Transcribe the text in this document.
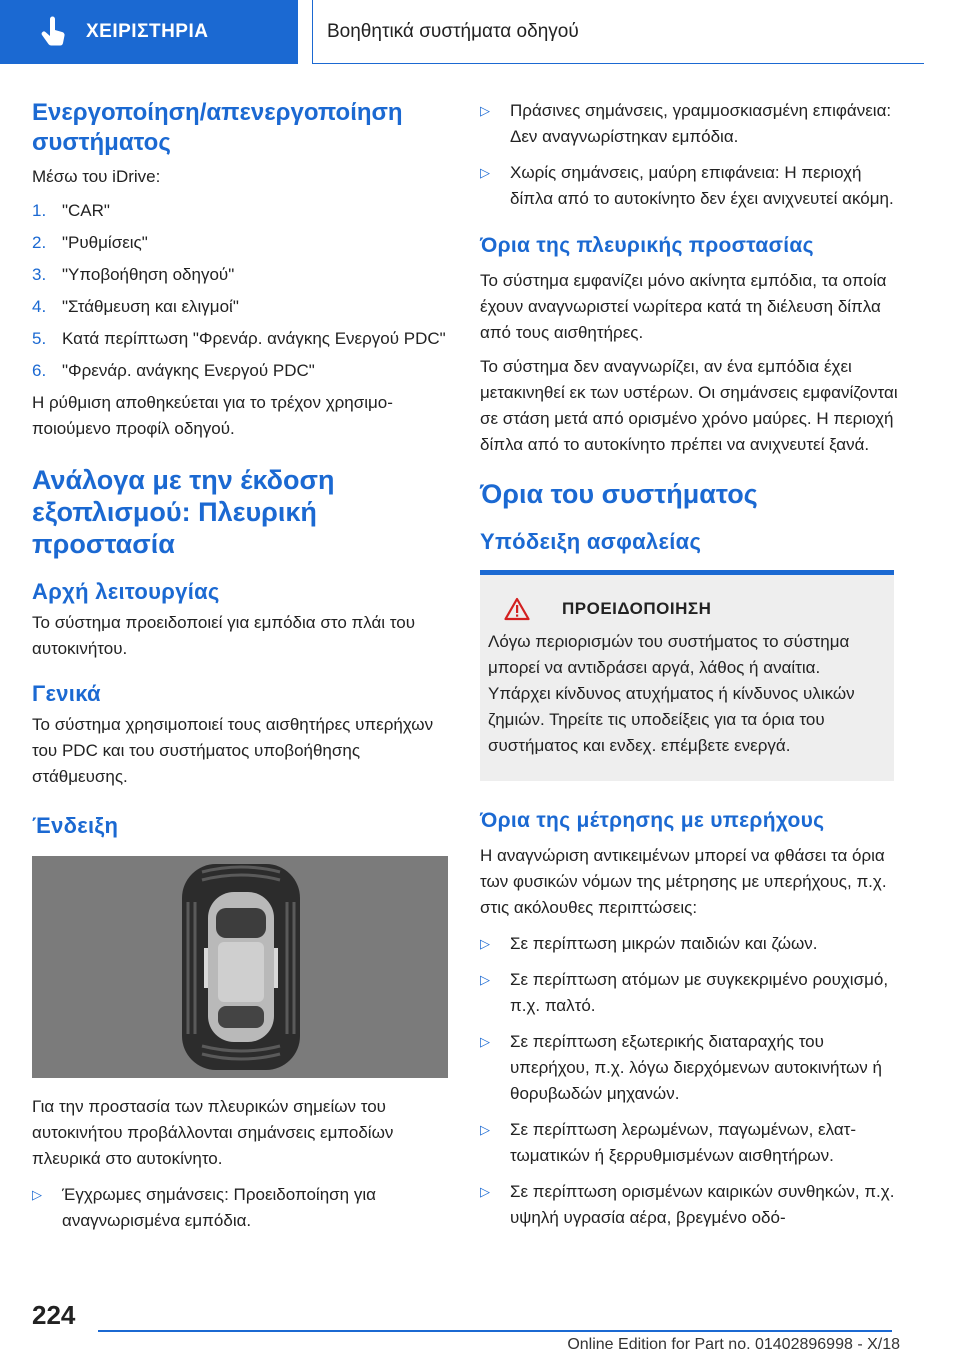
ΧΕΙΡΙΣΤΗΡΙΑ	Βοηθητικά συστήματα οδηγού
Ενεργοποίηση/απενεργοποίηση συστήματος

Μέσω του iDrive:

1. "CAR"
2. "Ρυθμίσεις"
3. "Υποβοήθηση οδηγού"
4. "Στάθμευση και ελιγμοί"
5. Κατά περίπτωση "Φρενάρ. ανάγκης Ενεργού PDC"
6. "Φρενάρ. ανάγκης Ενεργού PDC"

Η ρύθμιση αποθηκεύεται για το τρέχον χρησιμοποιούμενο προφίλ οδηγού.

Ανάλογα με την έκδοση εξοπλισμού: Πλευρική προστασία
Αρχή λειτουργίας

Το σύστημα προειδοποιεί για εμπόδια στο πλάι του αυτοκινήτου.

Γενικά

Το σύστημα χρησιμοποιεί τους αισθητήρες υπερήχων του PDC και του συστήματος υποβοήθησης στάθμευσης.

Ένδειξη

Για την προστασία των πλευρικών σημείων του αυτοκινήτου προβάλλονται σημάνσεις εμποδίων πλευρικά στο αυτοκίνητο.

▷	Έγχρωμες σημάνσεις: Προειδοποίηση για αναγνωρισμένα εμπόδια.
▷	Πράσινες σημάνσεις, γραμμοσκιασμένη επιφάνεια: Δεν αναγνωρίστηκαν εμπόδια.
▷	Χωρίς σημάνσεις, μαύρη επιφάνεια: Η περιοχή δίπλα από το αυτοκίνητο δεν έχει ανιχνευτεί ακόμη.
Όρια της πλευρικής προστασίας

Το σύστημα εμφανίζει μόνο ακίνητα εμπόδια, τα οποία έχουν αναγνωριστεί νωρίτερα κατά τη διέλευση δίπλα από τους αισθητήρες.

Το σύστημα δεν αναγνωρίζει, αν ένα εμπόδια έχει μετακινηθεί εκ των υστέρων. Οι σημάνσεις εμφανίζονται σε στάση μετά από ορισμένο χρόνο μαύρες. Η περιοχή δίπλα από το αυτοκίνητο πρέπει να ανιχνευτεί ξανά.

Όρια του συστήματος
Υπόδειξη ασφαλείας
ΠΡΟΕΙΔΟΠΟΙΗΣΗ

Λόγω περιορισμών του συστήματος το σύστημα μπορεί να αντιδράσει αργά, λάθος ή αναίτια. Υπάρχει κίνδυνος ατυχήματος ή κίνδυνος υλικών ζημιών. Τηρείτε τις υποδείξεις για τα όρια του συστήματος και ενδεχ. επέμβετε ενεργά.

Όρια της μέτρησης με υπερήχους

Η αναγνώριση αντικειμένων μπορεί να φθάσει τα όρια των φυσικών νόμων της μέτρησης με υπερήχους, π.χ. στις ακόλουθες περιπτώσεις:

▷	Σε περίπτωση μικρών παιδιών και ζώων.
▷	Σε περίπτωση ατόμων με συγκεκριμένο ρουχισμό, π.χ. παλτό.
▷	Σε περίπτωση εξωτερικής διαταραχής του υπερήχου, π.χ. λόγω διερχόμενων αυτοκινήτων ή θορυβωδών μηχανών.
▷	Σε περίπτωση λερωμένων, παγωμένων, ελαττωματικών ή ξερρυθμισμένων αισθητήρων.
▷	Σε περίπτωση ορισμένων καιρικών συνθηκών, π.χ. υψηλή υγρασία αέρα, βρεγμένο οδό-
224
Online Edition for Part no. 01402896998 - X/18
